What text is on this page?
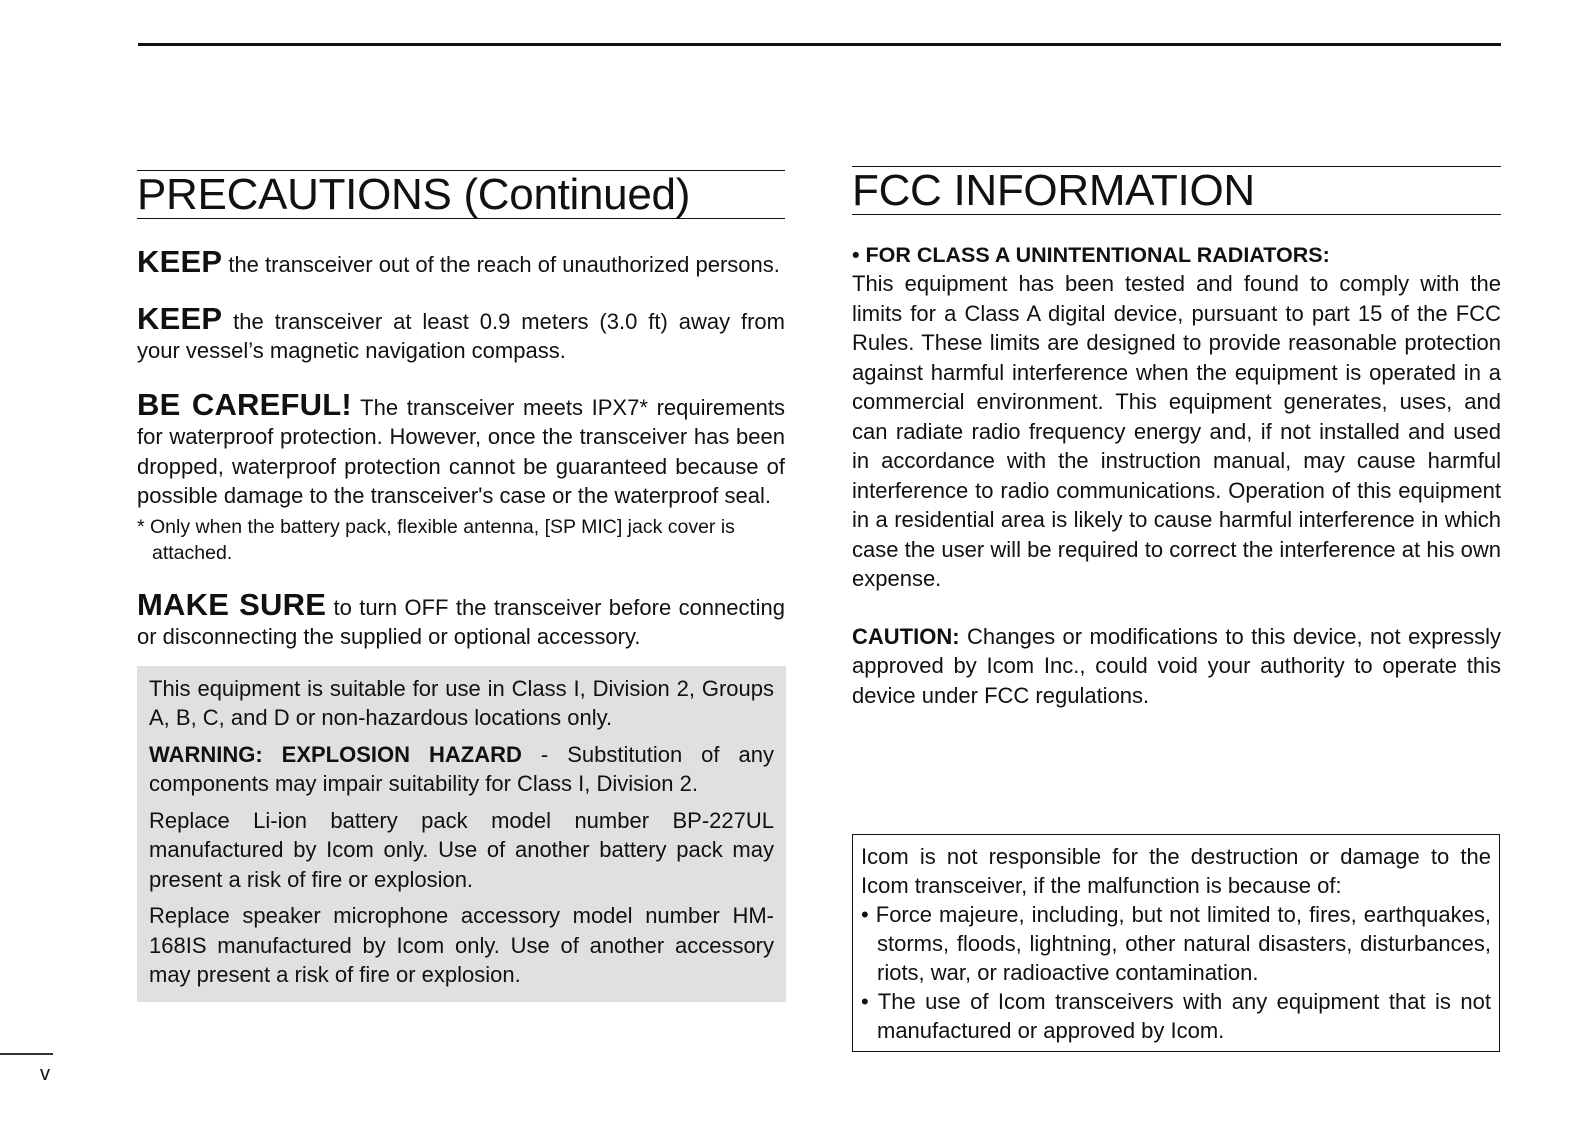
PRECAUTIONS (Continued)

KEEP the transceiver out of the reach of unauthorized persons.

KEEP the transceiver at least 0.9 meters (3.0 ft) away from your vessel’s magnetic navigation compass.

BE CAREFUL! The transceiver meets IPX7* requirements for waterproof protection. However, once the transceiver has been dropped, waterproof protection cannot be guaranteed because of possible damage to the transceiver's case or the waterproof seal.

* Only when the battery pack, flexible antenna, [SP MIC] jack cover is attached.

MAKE SURE to turn OFF the transceiver before connecting or disconnecting the supplied or optional accessory.

This equipment is suitable for use in Class I, Division 2, Groups A, B, C, and D or non-hazardous locations only.

WARNING: EXPLOSION HAZARD - Substitution of any components may impair suitability for Class I, Division 2.

Replace Li-ion battery pack model number BP-227UL manufactured by Icom only. Use of another battery pack may present a risk of fire or explosion.

Replace speaker microphone accessory model number HM-168IS manufactured by Icom only. Use of another accessory may present a risk of fire or explosion.

FCC INFORMATION

• FOR CLASS A UNINTENTIONAL RADIATORS:

This equipment has been tested and found to comply with the limits for a Class A digital device, pursuant to part 15 of the FCC Rules. These limits are designed to provide reasonable protection against harmful interference when the equipment is operated in a commercial environment. This equipment generates, uses, and can radiate radio frequency energy and, if not installed and used in accordance with the instruction manual, may cause harmful interference to radio communications. Operation of this equipment in a residential area is likely to cause harmful interference in which case the user will be required to correct the interference at his own expense.

CAUTION: Changes or modifications to this device, not expressly approved by Icom Inc., could void your authority to operate this device under FCC regulations.

Icom is not responsible for the destruction or damage to the Icom transceiver, if the malfunction is because of:

• Force majeure, including, but not limited to, fires, earthquakes, storms, floods, lightning, other natural disasters, disturbances, riots, war, or radioactive contamination.

• The use of Icom transceivers with any equipment that is not manufactured or approved by Icom.

v
